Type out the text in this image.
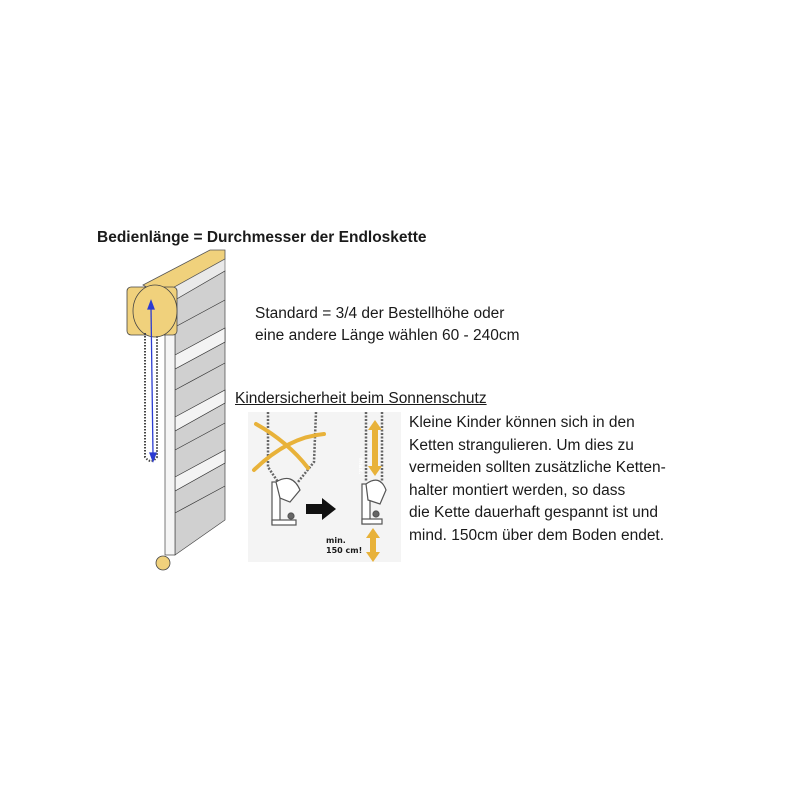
Bedienlänge = Durchmesser der Endloskette
Standard = 3/4 der Bestellhöhe oder
eine andere Länge wählen 60 - 240cm
Kindersicherheit beim Sonnenschutz
min.
150 cm!
max.
Kleine Kinder können sich in den
Ketten strangulieren. Um dies zu
vermeiden sollten zusätzliche Ketten-
halter montiert werden, so dass
die Kette dauerhaft gespannt ist und
mind. 150cm über dem Boden endet.
